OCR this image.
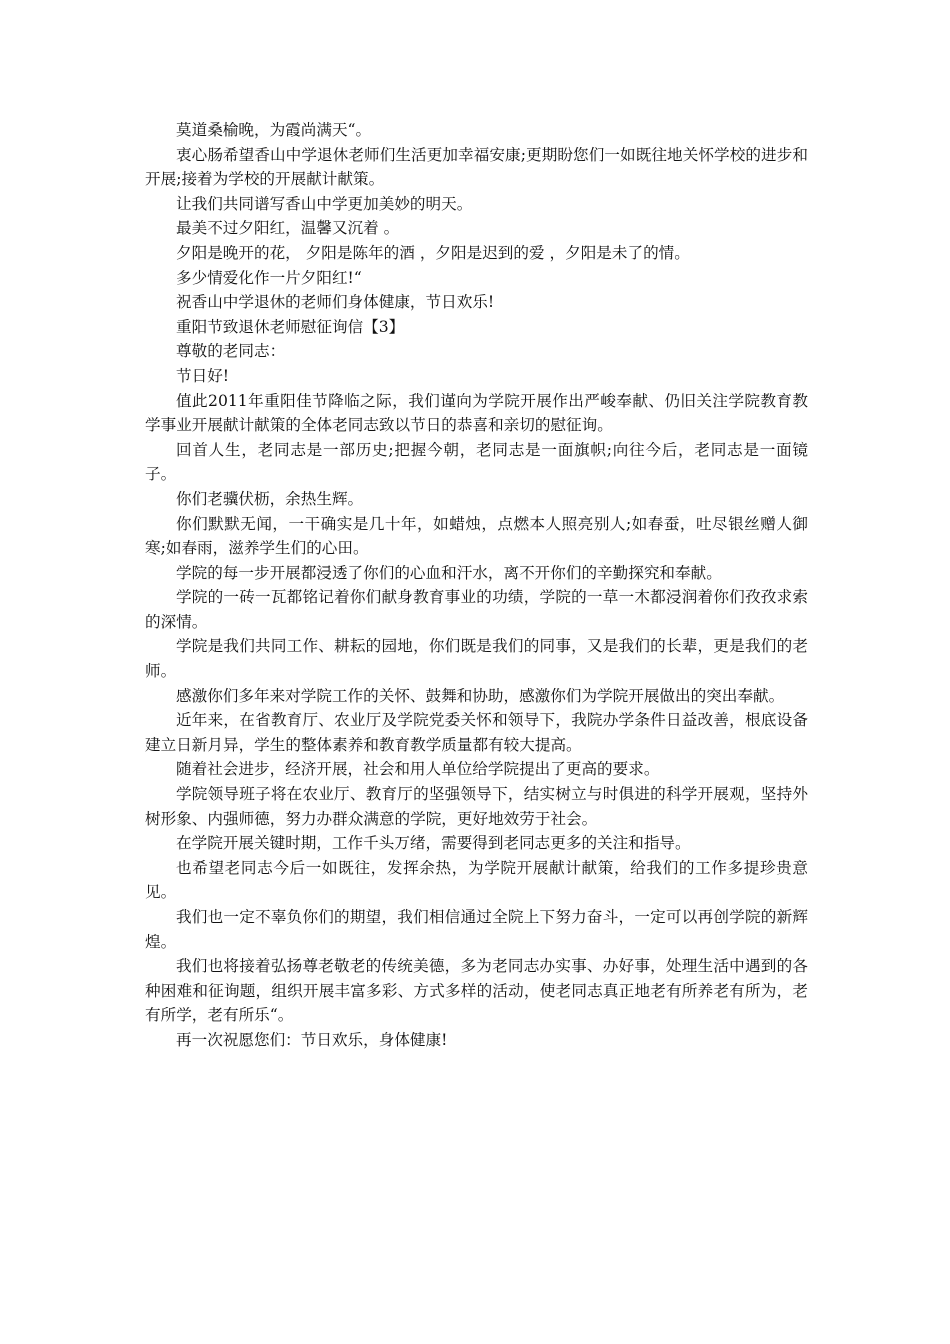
莫道桑榆晚，为霞尚满天“。

衷心肠希望香山中学退休老师们生活更加幸福安康;更期盼您们一如既往地关怀学校的进步和开展;接着为学校的开展献计献策。

让我们共同谱写香山中学更加美妙的明天。

最美不过夕阳红，温馨又沉着 。

夕阳是晚开的花， 夕阳是陈年的酒 ，夕阳是迟到的爱 ，夕阳是未了的情。

多少情爱化作一片夕阳红!“

祝香山中学退休的老师们身体健康，节日欢乐!

重阳节致退休老师慰征询信【3】

尊敬的老同志：

节日好!

值此2011年重阳佳节降临之际，我们谨向为学院开展作出严峻奉献、仍旧关注学院教育教学事业开展献计献策的全体老同志致以节日的恭喜和亲切的慰征询。

回首人生，老同志是一部历史;把握今朝，老同志是一面旗帜;向往今后，老同志是一面镜子。

你们老骥伏枥，余热生辉。

你们默默无闻，一干确实是几十年，如蜡烛，点燃本人照亮别人;如春蚕，吐尽银丝赠人御寒;如春雨，滋养学生们的心田。

学院的每一步开展都浸透了你们的心血和汗水，离不开你们的辛勤探究和奉献。

学院的一砖一瓦都铭记着你们献身教育事业的功绩，学院的一草一木都浸润着你们孜孜求索的深情。

学院是我们共同工作、耕耘的园地，你们既是我们的同事，又是我们的长辈，更是我们的老师。

感激你们多年来对学院工作的关怀、鼓舞和协助，感激你们为学院开展做出的突出奉献。

近年来，在省教育厅、农业厅及学院党委关怀和领导下，我院办学条件日益改善，根底设备建立日新月异，学生的整体素养和教育教学质量都有较大提高。

随着社会进步，经济开展，社会和用人单位给学院提出了更高的要求。

学院领导班子将在农业厅、教育厅的坚强领导下，结实树立与时俱进的科学开展观，坚持外树形象、内强师德，努力办群众满意的学院，更好地效劳于社会。

在学院开展关键时期，工作千头万绪，需要得到老同志更多的关注和指导。

也希望老同志今后一如既往，发挥余热，为学院开展献计献策，给我们的工作多提珍贵意见。

我们也一定不辜负你们的期望，我们相信通过全院上下努力奋斗，一定可以再创学院的新辉煌。

我们也将接着弘扬尊老敬老的传统美德，多为老同志办实事、办好事，处理生活中遇到的各种困难和征询题，组织开展丰富多彩、方式多样的活动，使老同志真正地老有所养老有所为，老有所学，老有所乐“。

再一次祝愿您们：节日欢乐，身体健康!
